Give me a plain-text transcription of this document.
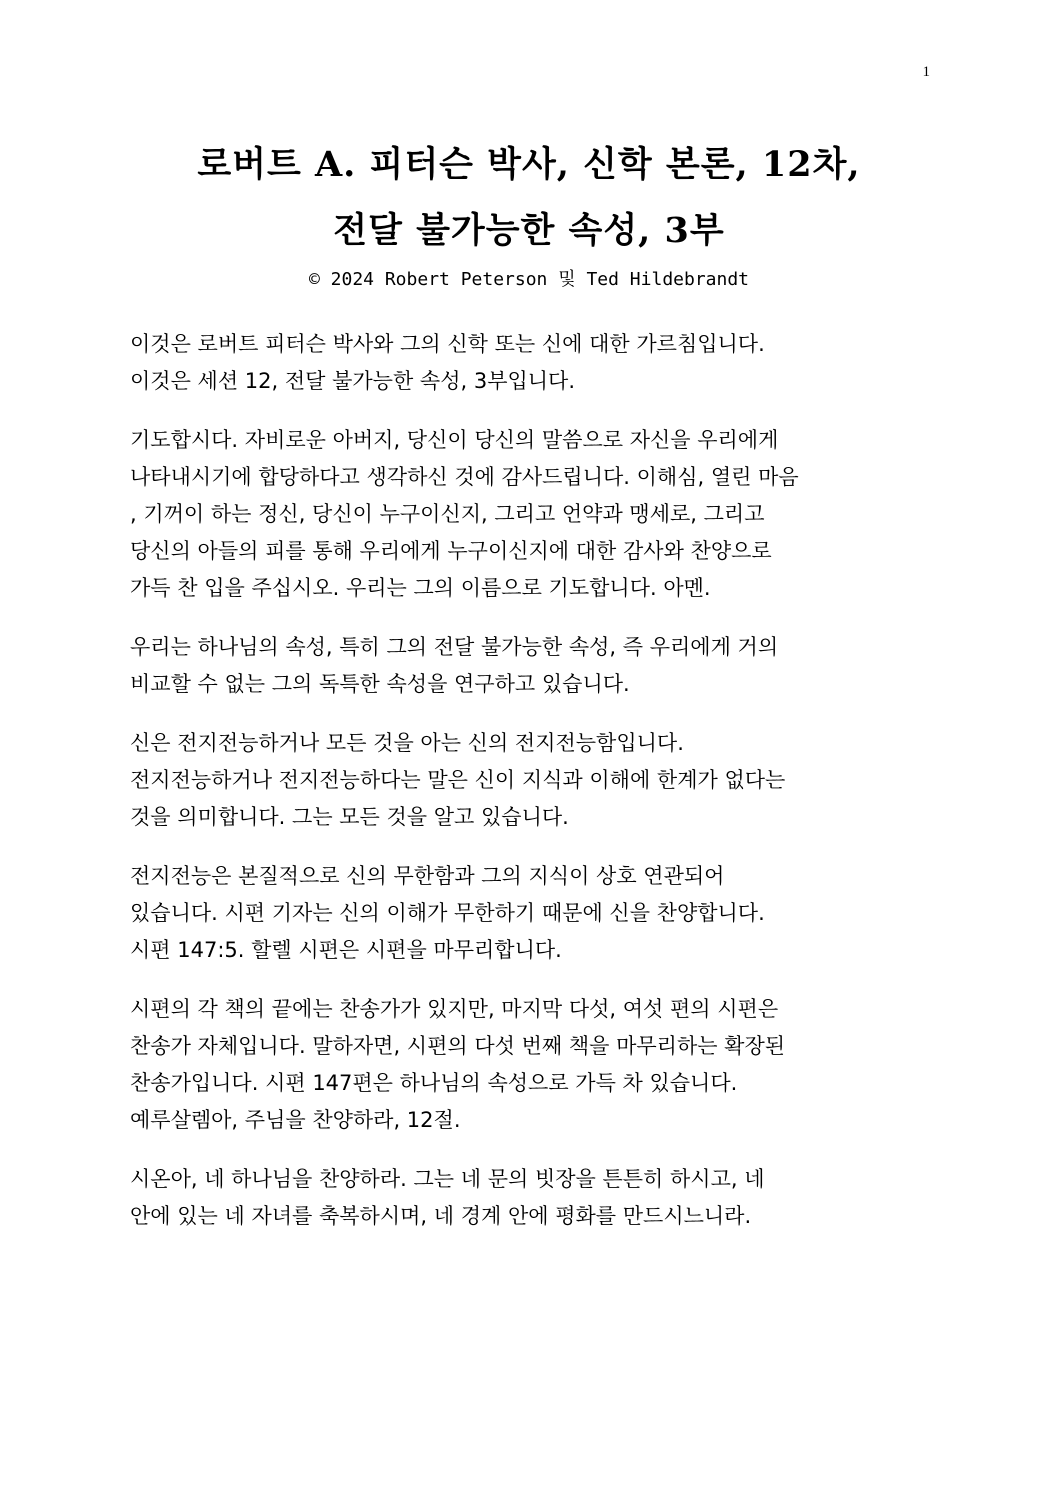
1
로버트 A. 피터슨 박사, 신학 본론, 12차,
전달 불가능한 속성, 3부
© 2024 Robert Peterson 및 Ted Hildebrandt

이것은 로버트 피터슨 박사와 그의 신학 또는 신에 대한 가르침입니다.
이것은 세션 12, 전달 불가능한 속성, 3부입니다.

기도합시다. 자비로운 아버지, 당신이 당신의 말씀으로 자신을 우리에게
나타내시기에 합당하다고 생각하신 것에 감사드립니다. 이해심, 열린 마음
, 기꺼이 하는 정신, 당신이 누구이신지, 그리고 언약과 맹세로, 그리고
당신의 아들의 피를 통해 우리에게 누구이신지에 대한 감사와 찬양으로
가득 찬 입을 주십시오. 우리는 그의 이름으로 기도합니다. 아멘.

우리는 하나님의 속성, 특히 그의 전달 불가능한 속성, 즉 우리에게 거의
비교할 수 없는 그의 독특한 속성을 연구하고 있습니다.

신은 전지전능하거나 모든 것을 아는 신의 전지전능함입니다.
전지전능하거나 전지전능하다는 말은 신이 지식과 이해에 한계가 없다는
것을 의미합니다. 그는 모든 것을 알고 있습니다.

전지전능은 본질적으로 신의 무한함과 그의 지식이 상호 연관되어
있습니다. 시편 기자는 신의 이해가 무한하기 때문에 신을 찬양합니다.
시편 147:5. 할렐 시편은 시편을 마무리합니다.

시편의 각 책의 끝에는 찬송가가 있지만, 마지막 다섯, 여섯 편의 시편은
찬송가 자체입니다. 말하자면, 시편의 다섯 번째 책을 마무리하는 확장된
찬송가입니다. 시편 147편은 하나님의 속성으로 가득 차 있습니다.
예루살렘아, 주님을 찬양하라, 12절.

시온아, 네 하나님을 찬양하라. 그는 네 문의 빗장을 튼튼히 하시고, 네
안에 있는 네 자녀를 축복하시며, 네 경계 안에 평화를 만드시느니라.
